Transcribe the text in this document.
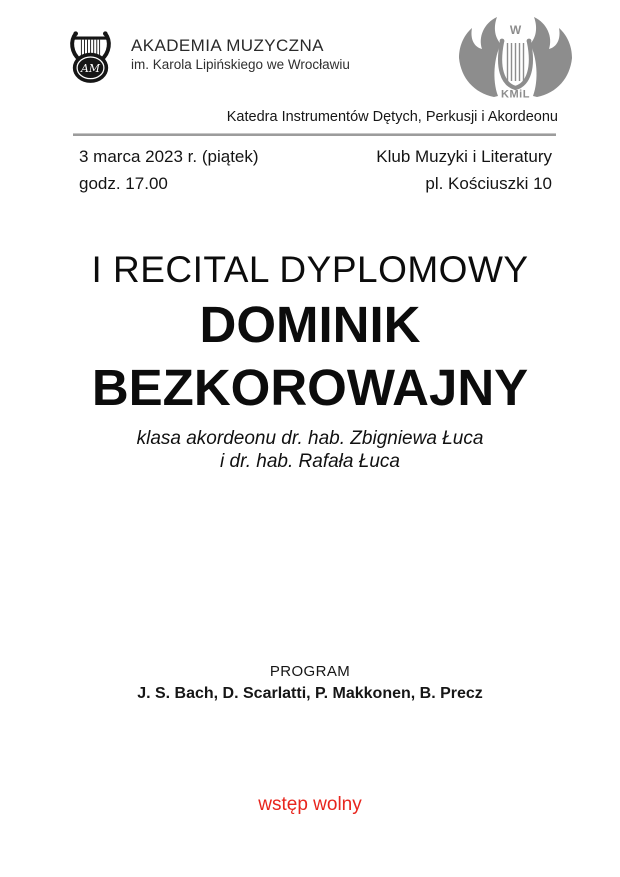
AM
AKADEMIA MUZYCZNA
im. Karola Lipińskiego we Wrocławiu
W
KMiL
Katedra Instrumentów Dętych, Perkusji i Akordeonu
3 marca 2023 r. (piątek)
godz. 17.00
Klub Muzyki i Literatury
pl. Kościuszki 10
I RECITAL DYPLOMOWY
DOMINIK
BEZKOROWAJNY
klasa akordeonu dr. hab. Zbigniewa Łuca
i dr. hab. Rafała Łuca
PROGRAM
J. S. Bach, D. Scarlatti, P. Makkonen, B. Precz
wstęp wolny
